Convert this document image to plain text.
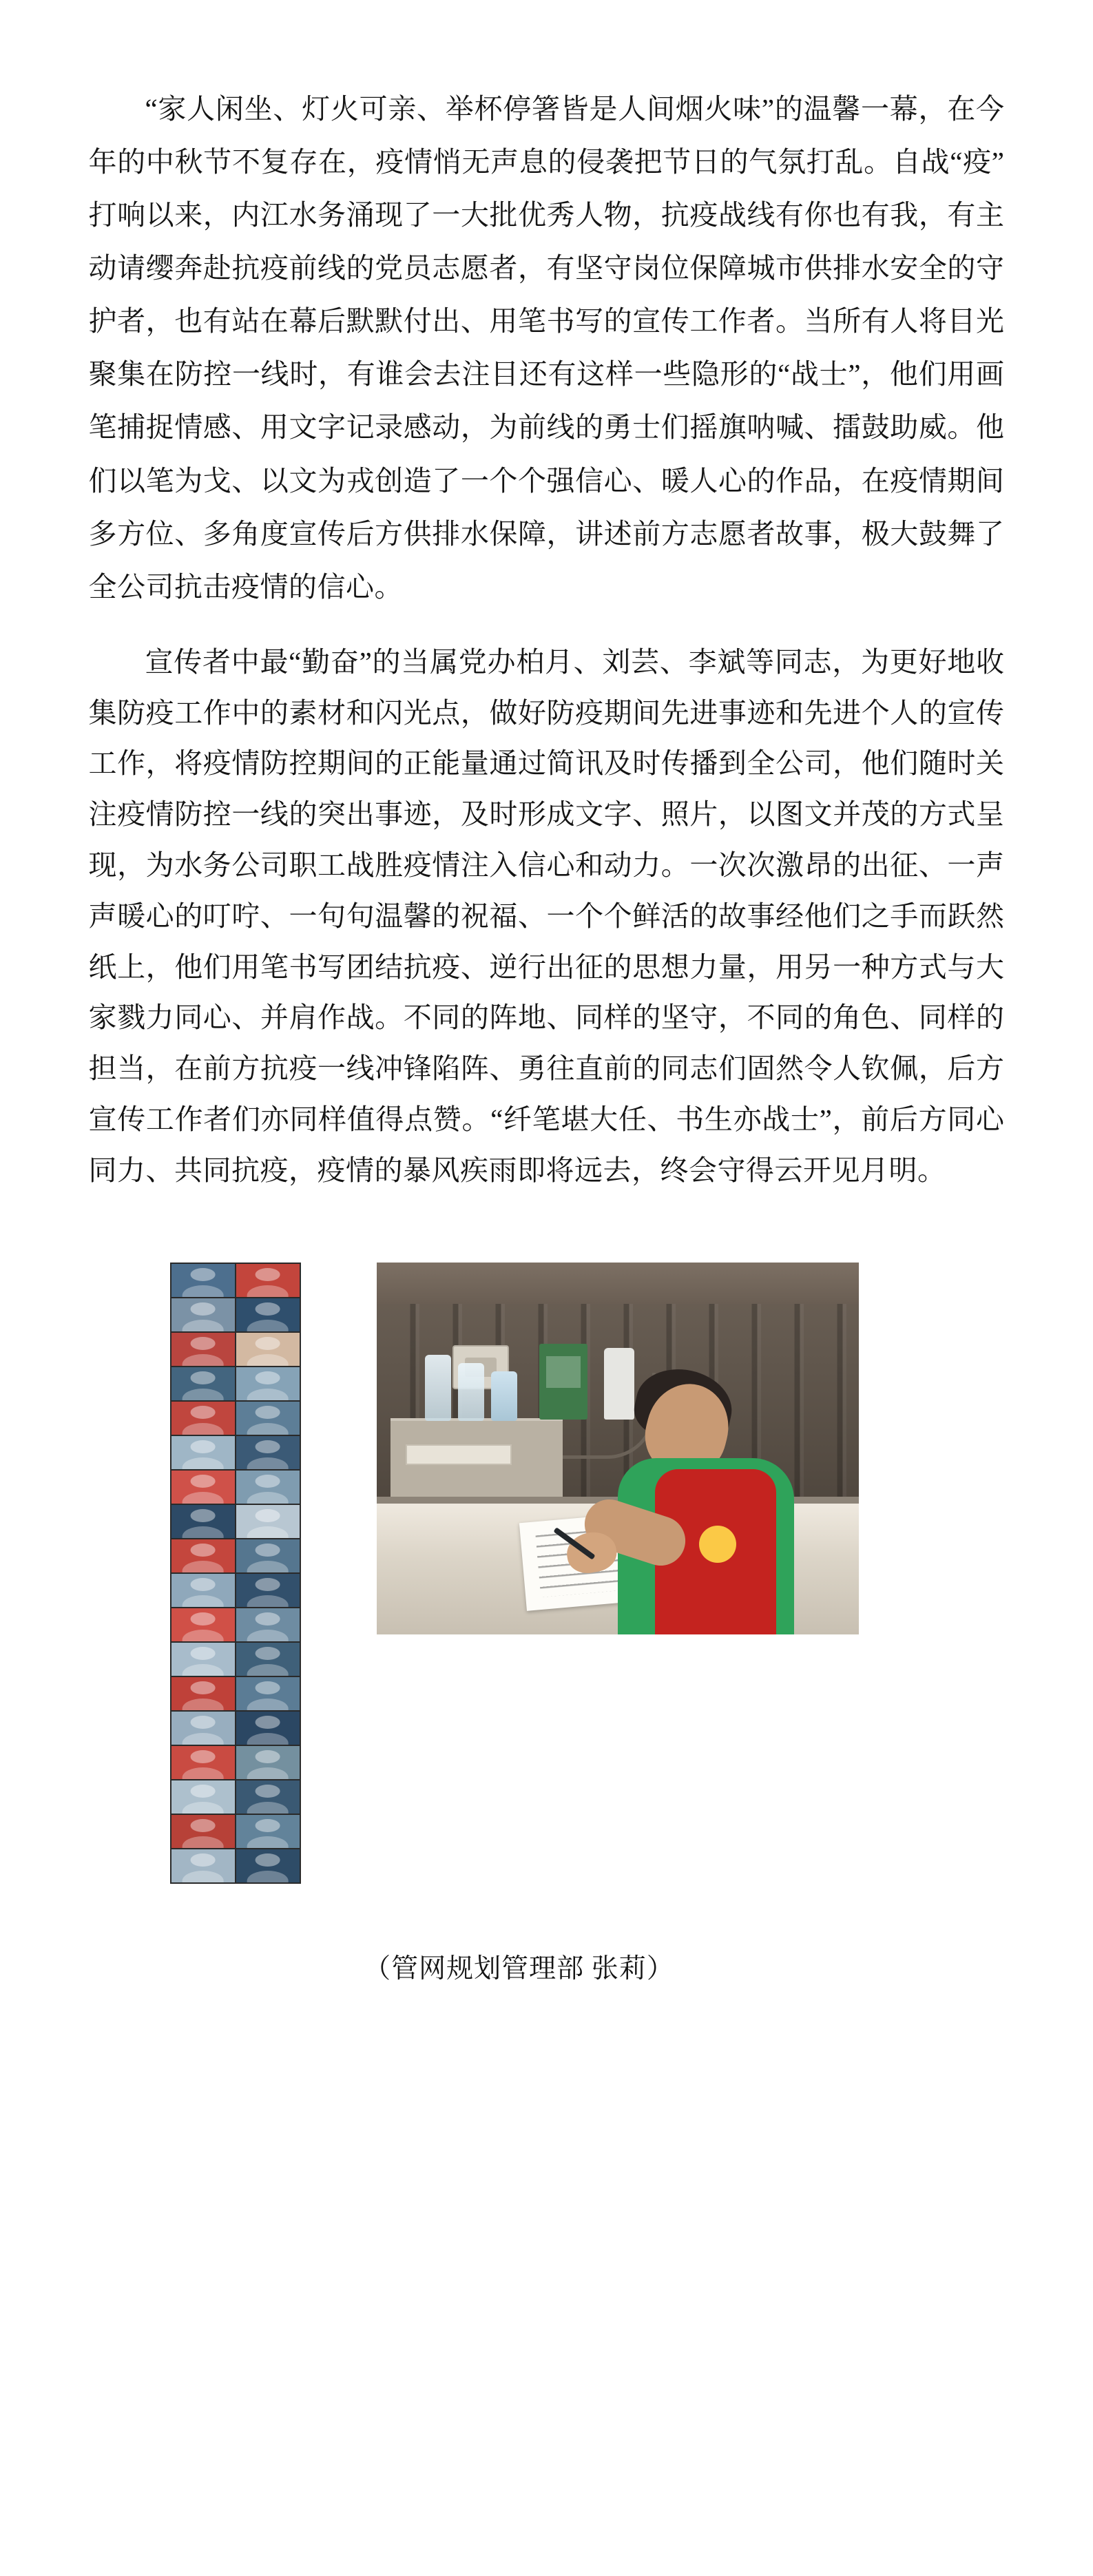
“家人闲坐、灯火可亲、举杯停箸皆是人间烟火味”的温馨一幕，在今年的中秋节不复存在，疫情悄无声息的侵袭把节日的气氛打乱。自战“疫”打响以来，内江水务涌现了一大批优秀人物，抗疫战线有你也有我，有主动请缨奔赴抗疫前线的党员志愿者，有坚守岗位保障城市供排水安全的守护者，也有站在幕后默默付出、用笔书写的宣传工作者。当所有人将目光聚集在防控一线时，有谁会去注目还有这样一些隐形的“战士”，他们用画笔捕捉情感、用文字记录感动，为前线的勇士们摇旗呐喊、擂鼓助威。他们以笔为戈、以文为戎创造了一个个强信心、暖人心的作品，在疫情期间多方位、多角度宣传后方供排水保障，讲述前方志愿者故事，极大鼓舞了全公司抗击疫情的信心。

宣传者中最“勤奋”的当属党办柏月、刘芸、李斌等同志，为更好地收集防疫工作中的素材和闪光点，做好防疫期间先进事迹和先进个人的宣传工作，将疫情防控期间的正能量通过简讯及时传播到全公司，他们随时关注疫情防控一线的突出事迹，及时形成文字、照片，以图文并茂的方式呈现，为水务公司职工战胜疫情注入信心和动力。一次次激昂的出征、一声声暖心的叮咛、一句句温馨的祝福、一个个鲜活的故事经他们之手而跃然纸上，他们用笔书写团结抗疫、逆行出征的思想力量，用另一种方式与大家戮力同心、并肩作战。不同的阵地、同样的坚守，不同的角色、同样的担当，在前方抗疫一线冲锋陷阵、勇往直前的同志们固然令人钦佩，后方宣传工作者们亦同样值得点赞。“纤笔堪大任、书生亦战士”，前后方同心同力、共同抗疫，疫情的暴风疾雨即将远去，终会守得云开见月明。

（管网规划管理部 张莉）
